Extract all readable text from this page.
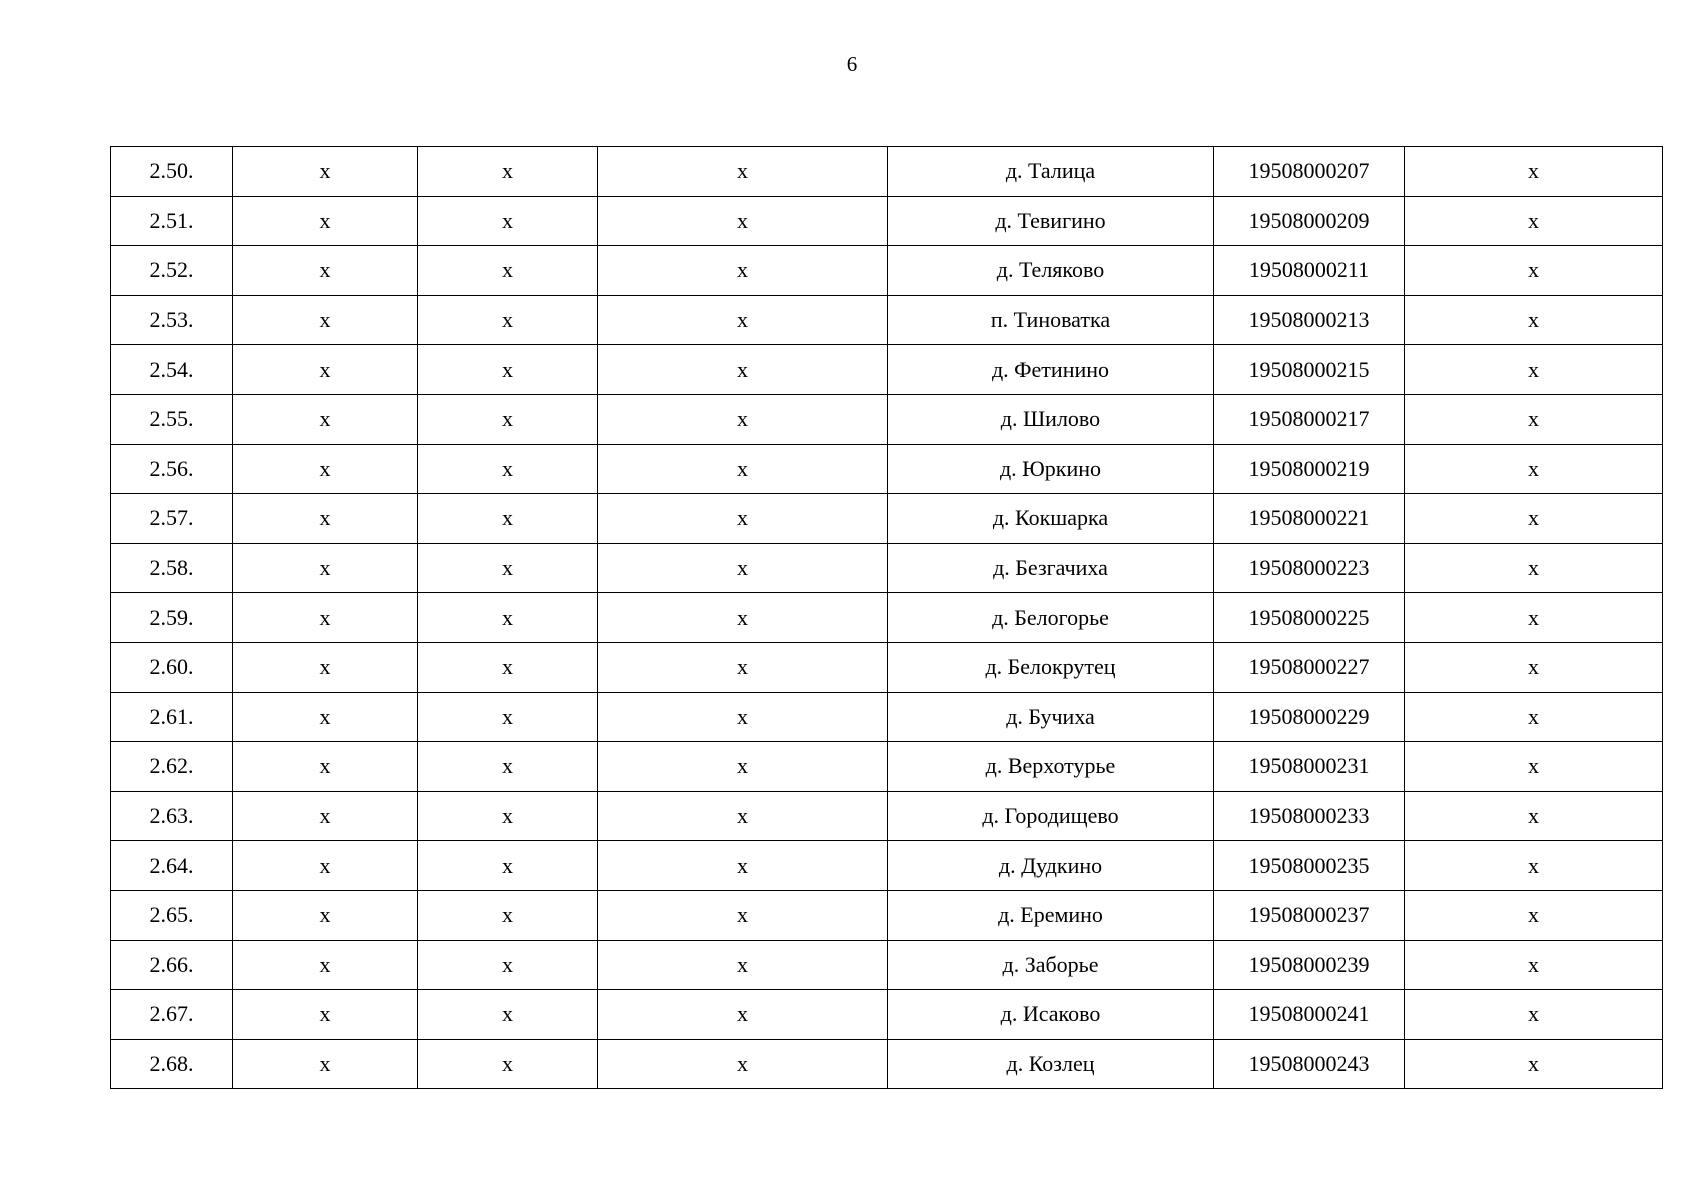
6
2.50.	х	х	х	д. Талица	19508000207	х
2.51.	х	х	х	д. Тевигино	19508000209	х
2.52.	х	х	х	д. Теляково	19508000211	х
2.53.	х	х	х	п. Тиноватка	19508000213	х
2.54.	х	х	х	д. Фетинино	19508000215	х
2.55.	х	х	х	д. Шилово	19508000217	х
2.56.	х	х	х	д. Юркино	19508000219	х
2.57.	х	х	х	д. Кокшарка	19508000221	х
2.58.	х	х	х	д. Безгачиха	19508000223	х
2.59.	х	х	х	д. Белогорье	19508000225	х
2.60.	х	х	х	д. Белокрутец	19508000227	х
2.61.	х	х	х	д. Бучиха	19508000229	х
2.62.	х	х	х	д. Верхотурье	19508000231	х
2.63.	х	х	х	д. Городищево	19508000233	х
2.64.	х	х	х	д. Дудкино	19508000235	х
2.65.	х	х	х	д. Еремино	19508000237	х
2.66.	х	х	х	д. Заборье	19508000239	х
2.67.	х	х	х	д. Исаково	19508000241	х
2.68.	х	х	х	д. Козлец	19508000243	х
